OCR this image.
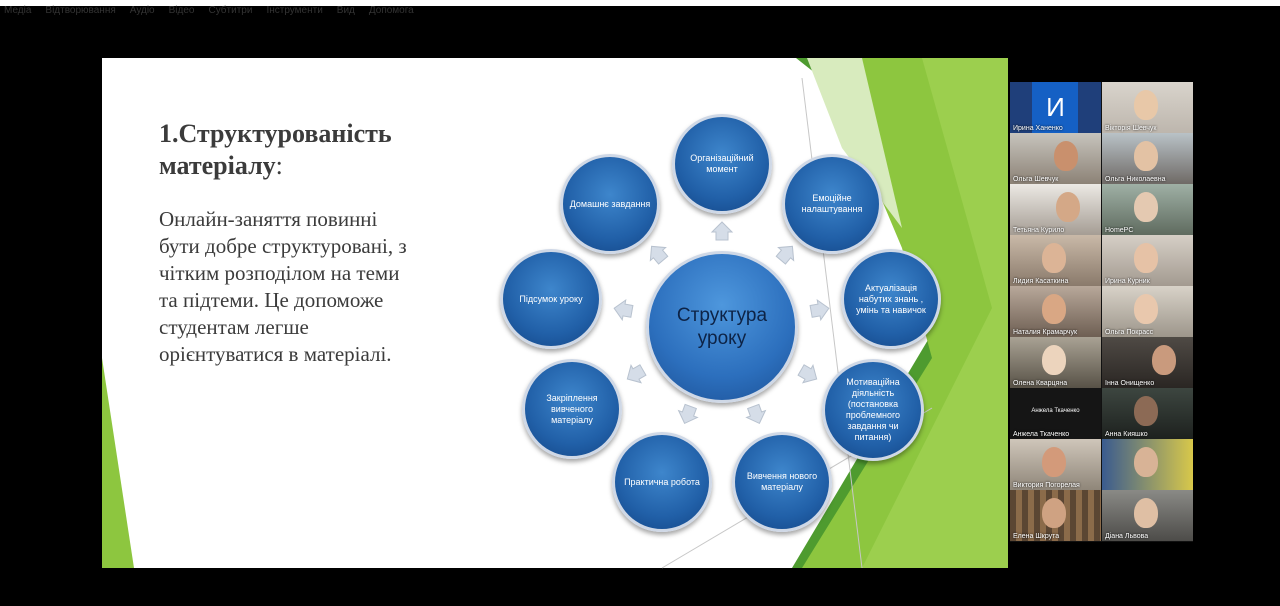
Медіа Відтворювання Аудіо Відео Субтитри Інструменти Вид Допомога
1.Структурованість матеріалу:

Онлайн-заняття повинні
бути добре структуровані, з
чітким розподілом на теми
та підтеми. Це допоможе
студентам легше
орієнтуватися в матеріалі.

Структура уроку
Організаційний момент
Емоційне налаштування
Актуалізація набутих знань , умінь та навичок
Мотиваційна діяльність (постановка проблемного завдання чи питання)
Вивчення нового матеріалу
Практична робота
Закріплення вивченого матеріалу
Підсумок уроку
Домашнє завдання
И
Ирина Ханенко	Вікторія Шевчук
Ольга Шевчук	Ольга Николаевна
Тетьяна Курило	HomePC
Лидия Касаткина	Ирина Курник
Наталия Крамарчук	Ольга Покрасс
Олена Кварцяна	Інна Онищенко
Анжела Ткаченко
Анжела Ткаченко	Анна Кияшко
Виктория Погорелая
Елена Шкрута	Діана Львова
